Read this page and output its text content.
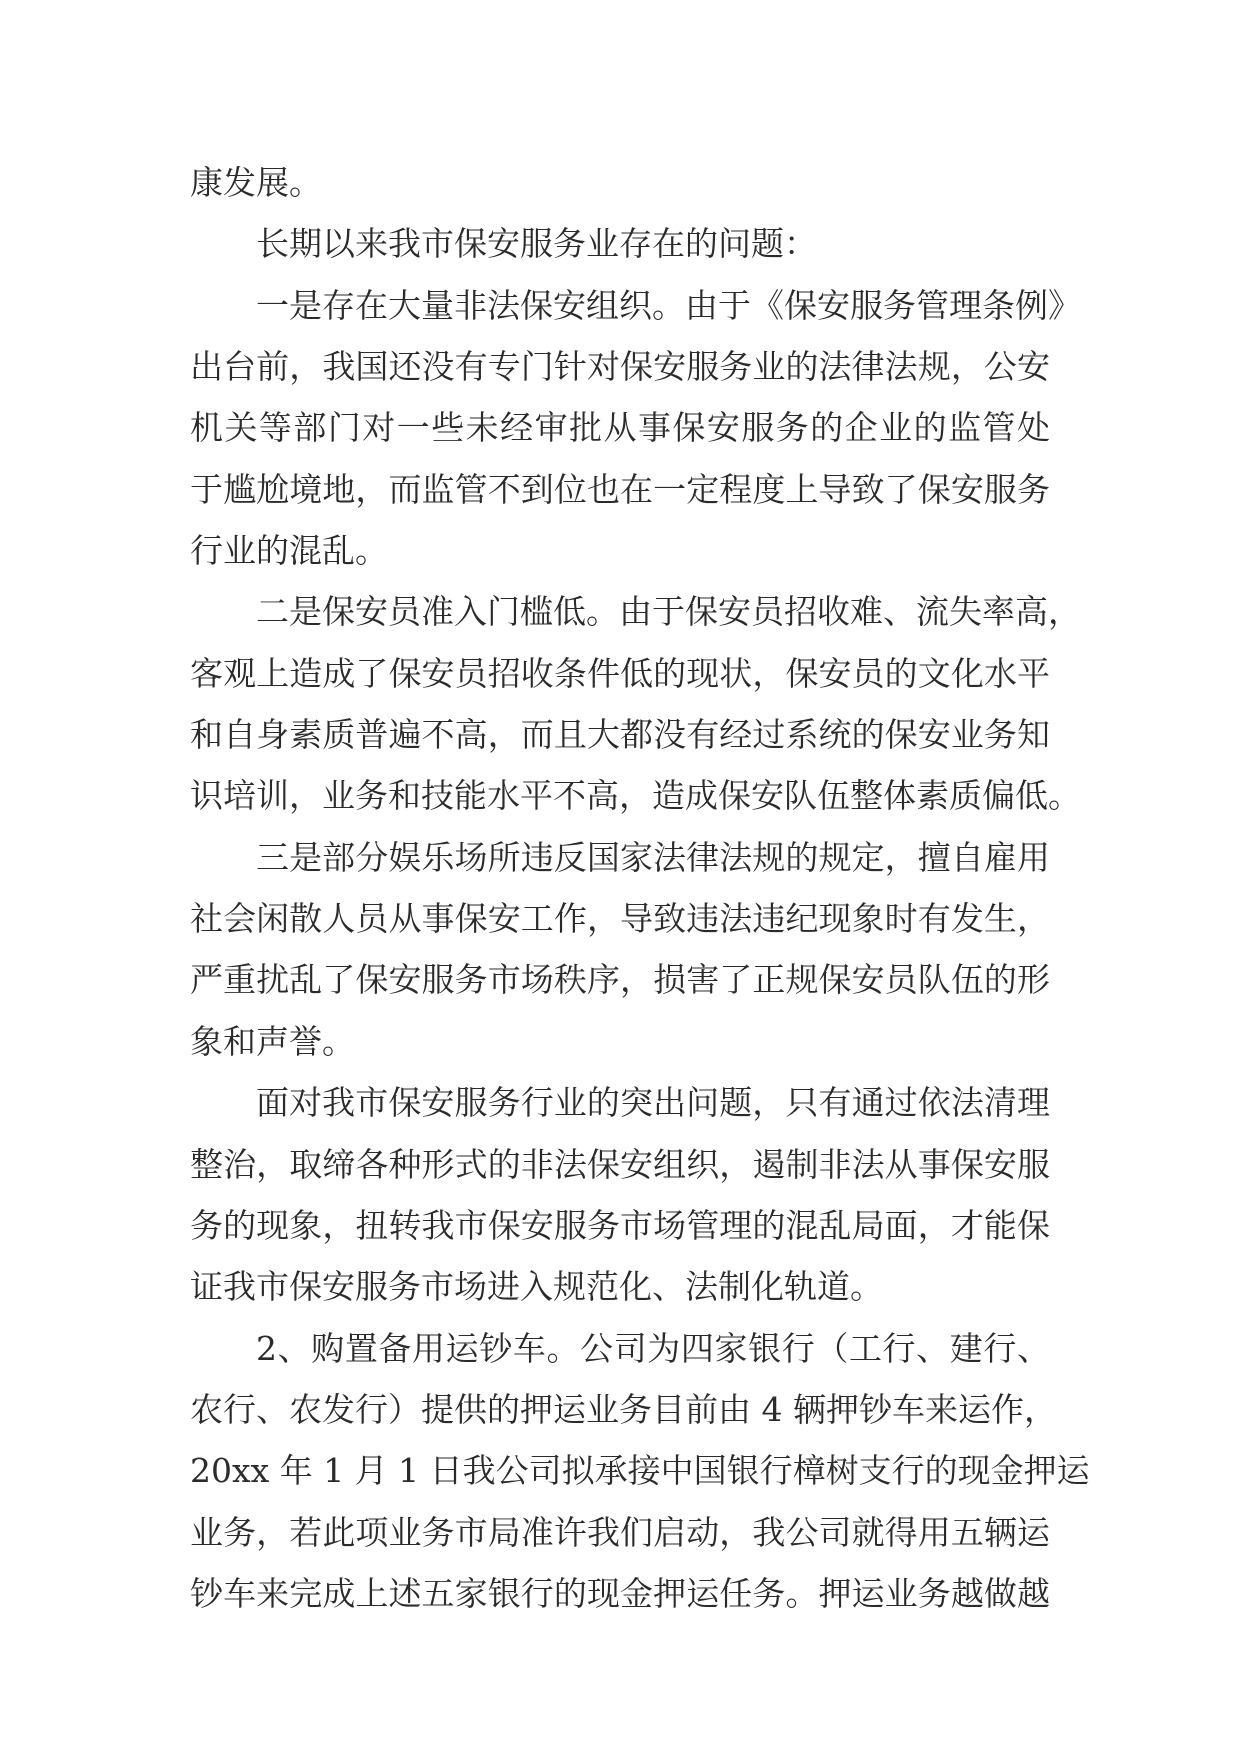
康发展。
长期以来我市保安服务业存在的问题：
一是存在大量非法保安组织。由于《保安服务管理条例》
出台前，我国还没有专门针对保安服务业的法律法规，公安
机关等部门对一些未经审批从事保安服务的企业的监管处
于尴尬境地，而监管不到位也在一定程度上导致了保安服务
行业的混乱。
二是保安员准入门槛低。由于保安员招收难、流失率高，
客观上造成了保安员招收条件低的现状，保安员的文化水平
和自身素质普遍不高，而且大都没有经过系统的保安业务知
识培训，业务和技能水平不高，造成保安队伍整体素质偏低。
三是部分娱乐场所违反国家法律法规的规定，擅自雇用
社会闲散人员从事保安工作，导致违法违纪现象时有发生，
严重扰乱了保安服务市场秩序，损害了正规保安员队伍的形
象和声誉。
面对我市保安服务行业的突出问题，只有通过依法清理
整治，取缔各种形式的非法保安组织，遏制非法从事保安服
务的现象，扭转我市保安服务市场管理的混乱局面，才能保
证我市保安服务市场进入规范化、法制化轨道。
2、购置备用运钞车。公司为四家银行（工行、建行、
农行、农发行）提供的押运业务目前由 4 辆押钞车来运作，
20xx 年 1 月 1 日我公司拟承接中国银行樟树支行的现金押运
业务，若此项业务市局准许我们启动，我公司就得用五辆运
钞车来完成上述五家银行的现金押运任务。押运业务越做越
